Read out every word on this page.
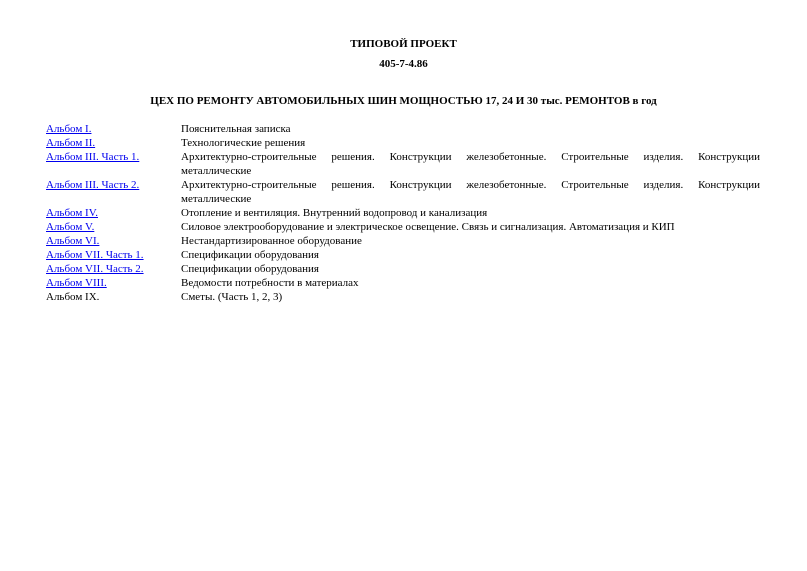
ТИПОВОЙ ПРОЕКТ
405-7-4.86
ЦЕХ ПО РЕМОНТУ АВТОМОБИЛЬНЫХ ШИН МОЩНОСТЬЮ 17, 24 И 30 тыс. РЕМОНТОВ в год
Альбом I.	Пояснительная записка
Альбом II.	Технологические решения
Альбом III. Часть 1.	Архитектурно-строительные решения. Конструкции железобетонные. Строительные изделия. Конструкции металлические
Альбом III. Часть 2.	Архитектурно-строительные решения. Конструкции железобетонные. Строительные изделия. Конструкции металлические
Альбом IV.	Отопление и вентиляция. Внутренний водопровод и канализация
Альбом V.	Силовое электрооборудование и электрическое освещение. Связь и сигнализация. Автоматизация и КИП
Альбом VI.	Нестандартизированное оборудование
Альбом VII. Часть 1.	Спецификации оборудования
Альбом VII. Часть 2.	Спецификации оборудования
Альбом VIII.	Ведомости потребности в материалах
Альбом IX.	Сметы. (Часть 1, 2, 3)
